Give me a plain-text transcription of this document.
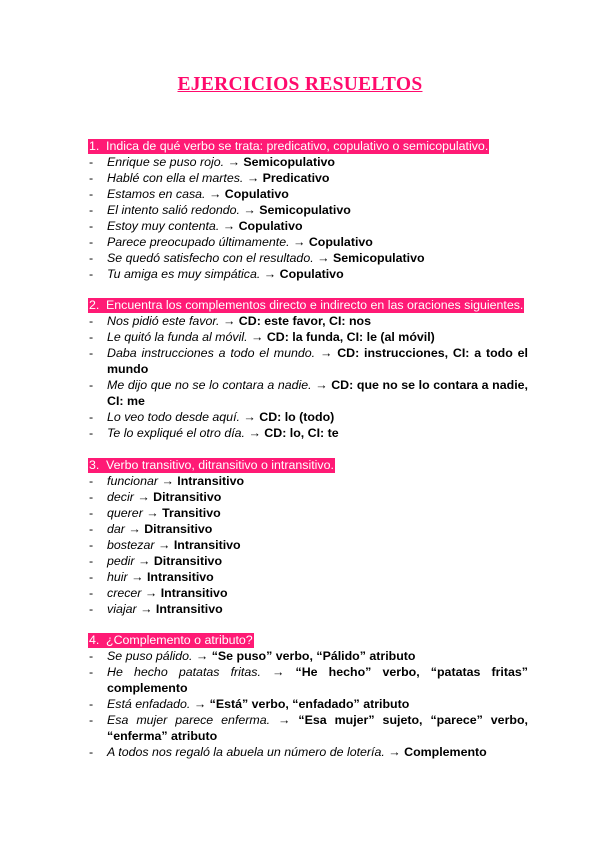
EJERCICIOS RESUELTOS

1. Indica de qué verbo se trata: predicativo, copulativo o semicopulativo.

- Enrique se puso rojo. → Semicopulativo
- Hablé con ella el martes. → Predicativo
- Estamos en casa. → Copulativo
- El intento salió redondo. → Semicopulativo
- Estoy muy contenta. → Copulativo
- Parece preocupado últimamente. → Copulativo
- Se quedó satisfecho con el resultado. → Semicopulativo
- Tu amiga es muy simpática. → Copulativo

2. Encuentra los complementos directo e indirecto en las oraciones siguientes.

- Nos pidió este favor. → CD: este favor, CI: nos
- Le quitó la funda al móvil. → CD: la funda, CI: le (al móvil)
- Daba instrucciones a todo el mundo. → CD: instrucciones, CI: a todo el mundo
- Me dijo que no se lo contara a nadie. → CD: que no se lo contara a nadie, CI: me
- Lo veo todo desde aquí. → CD: lo (todo)
- Te lo expliqué el otro día. → CD: lo, CI: te

3. Verbo transitivo, ditransitivo o intransitivo.

- funcionar → Intransitivo
- decir → Ditransitivo
- querer → Transitivo
- dar → Ditransitivo
- bostezar → Intransitivo
- pedir → Ditransitivo
- huir → Intransitivo
- crecer → Intransitivo
- viajar → Intransitivo

4. ¿Complemento o atributo?

- Se puso pálido. → “Se puso” verbo, “Pálido” atributo
- He hecho patatas fritas. → “He hecho” verbo, “patatas fritas” complemento
- Está enfadado. → “Está” verbo, “enfadado” atributo
- Esa mujer parece enferma. → “Esa mujer” sujeto, “parece” verbo, “enferma” atributo
- A todos nos regaló la abuela un número de lotería. → Complemento
